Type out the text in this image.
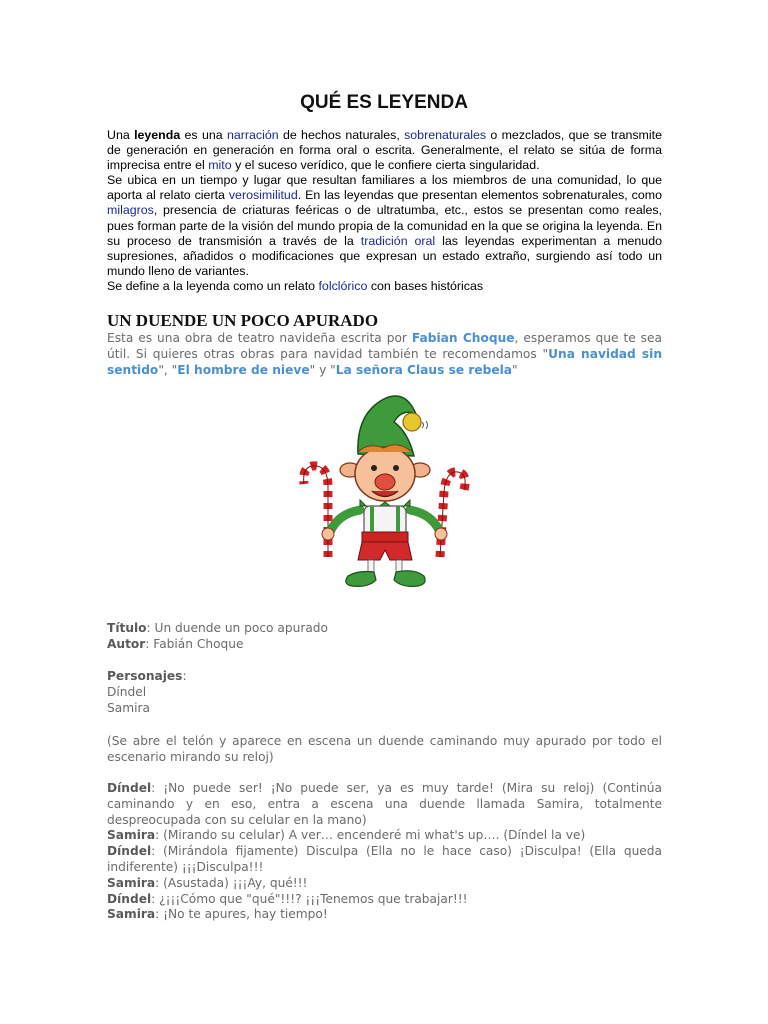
QUÉ ES LEYENDA

Una leyenda es una narración de hechos naturales, sobrenaturales o mezclados, que se transmite de generación en generación en forma oral o escrita. Generalmente, el relato se sitúa de forma imprecisa entre el mito y el suceso verídico, que le confiere cierta singularidad.

Se ubica en un tiempo y lugar que resultan familiares a los miembros de una comunidad, lo que aporta al relato cierta verosimilitud. En las leyendas que presentan elementos sobrenaturales, como milagros, presencia de criaturas feéricas o de ultratumba, etc., estos se presentan como reales, pues forman parte de la visión del mundo propia de la comunidad en la que se origina la leyenda. En su proceso de transmisión a través de la tradición oral las leyendas experimentan a menudo supresiones, añadidos o modificaciones que expresan un estado extraño, surgiendo así todo un mundo lleno de variantes.

Se define a la leyenda como un relato folclórico con bases históricas

UN DUENDE UN POCO APURADO

Esta es una obra de teatro navideña escrita por Fabian Choque, esperamos que te sea útil. Si quieres otras obras para navidad también te recomendamos "Una navidad sin sentido", "El hombre de nieve" y "La señora Claus se rebela"

Título: Un duende un poco apurado

Autor: Fabián Choque

Personajes:

Díndel

Samira

(Se abre el telón y aparece en escena un duende caminando muy apurado por todo el escenario mirando su reloj)

Díndel: ¡No puede ser! ¡No puede ser, ya es muy tarde! (Mira su reloj) (Continúa caminando y en eso, entra a escena una duende llamada Samira, totalmente despreocupada con su celular en la mano)

Samira: (Mirando su celular) A ver… encenderé mi what's up…. (Díndel la ve)

Díndel: (Mirándola fijamente) Disculpa (Ella no le hace caso) ¡Disculpa! (Ella queda indiferente) ¡¡¡Disculpa!!!

Samira: (Asustada) ¡¡¡Ay, qué!!!

Díndel: ¿¡¡¡Cómo que "qué"!!!? ¡¡¡Tenemos que trabajar!!!

Samira: ¡No te apures, hay tiempo!
